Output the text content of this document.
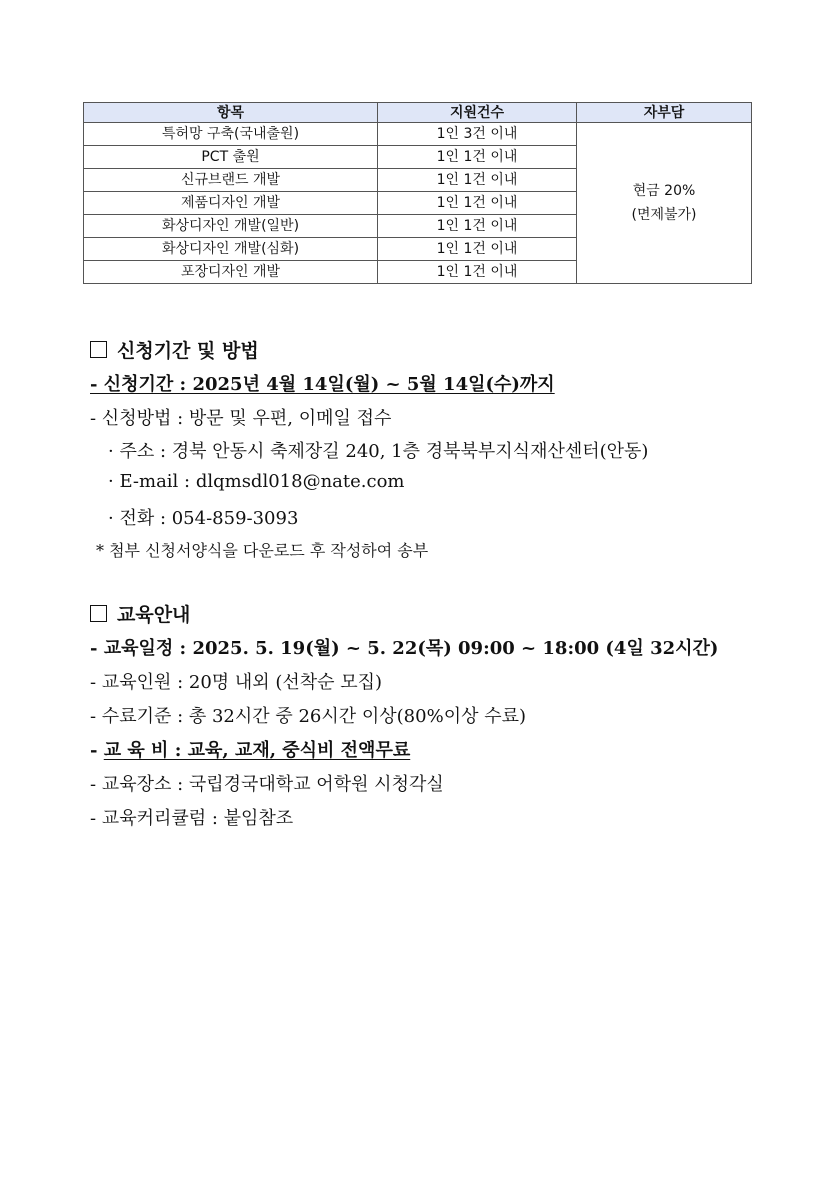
항목	지원건수	자부담
특허망 구축(국내출원)	1인 3건 이내	현금 20%
(면제불가)
PCT 출원	1인 1건 이내	
신규브랜드 개발	1인 1건 이내	
제품디자인 개발	1인 1건 이내	
화상디자인 개발(일반)	1인 1건 이내	
화상디자인 개발(심화)	1인 1건 이내	
포장디자인 개발	1인 1건 이내	
신청기간 및 방법
- 신청기간 : 2025년 4월 14일(월) ~ 5월 14일(수)까지
- 신청방법 : 방문 및 우편, 이메일 접수
· 주소 : 경북 안동시 축제장길 240, 1층 경북북부지식재산센터(안동)
· E-mail : dlqmsdl018@nate.com
· 전화 : 054-859-3093
* 첨부 신청서양식을 다운로드 후 작성하여 송부
교육안내
- 교육일정 : 2025. 5. 19(월) ~ 5. 22(목) 09:00 ~ 18:00 (4일 32시간)
- 교육인원 : 20명 내외 (선착순 모집)
- 수료기준 : 총 32시간 중 26시간 이상(80%이상 수료)
- 교 육 비 : 교육, 교재, 중식비 전액무료
- 교육장소 : 국립경국대학교 어학원 시청각실
- 교육커리큘럼 : 붙임참조
